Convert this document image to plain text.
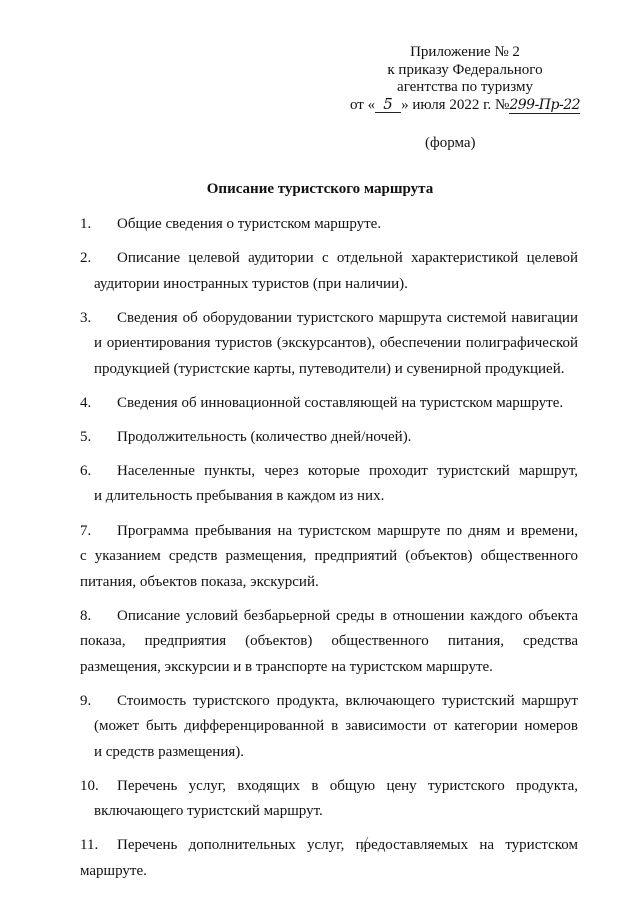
Приложение № 2
к приказу Федерального
агентства по туризму
от « 5 » июля 2022 г. №299-Пр-22
(форма)
Описание туристского маршрута
1. Общие сведения о туристском маршруте.
2. Описание целевой аудитории с отдельной характеристикой целевой
аудитории иностранных туристов (при наличии).
3. Сведения об оборудовании туристского маршрута системой навигации
и ориентирования туристов (экскурсантов), обеспечении полиграфической
продукцией (туристские карты, путеводители) и сувенирной продукцией.
4. Сведения об инновационной составляющей на туристском маршруте.
5. Продолжительность (количество дней/ночей).
6. Населенные пункты, через которые проходит туристский маршрут,
и длительность пребывания в каждом из них.
7. Программа пребывания на туристском маршруте по дням и времени,
с указанием средств размещения, предприятий (объектов) общественного
питания, объектов показа, экскурсий.
8. Описание условий безбарьерной среды в отношении каждого объекта
показа, предприятия (объектов) общественного питания, средства
размещения, экскурсии и в транспорте на туристском маршруте.
9. Стоимость туристского продукта, включающего туристский маршрут
(может быть дифференцированной в зависимости от категории номеров
и средств размещения).
10. Перечень услуг, входящих в общую цену туристского продукта,
включающего туристский маршрут.
11. Перечень дополнительных услуг, предоставляемых на туристском
маршруте.
